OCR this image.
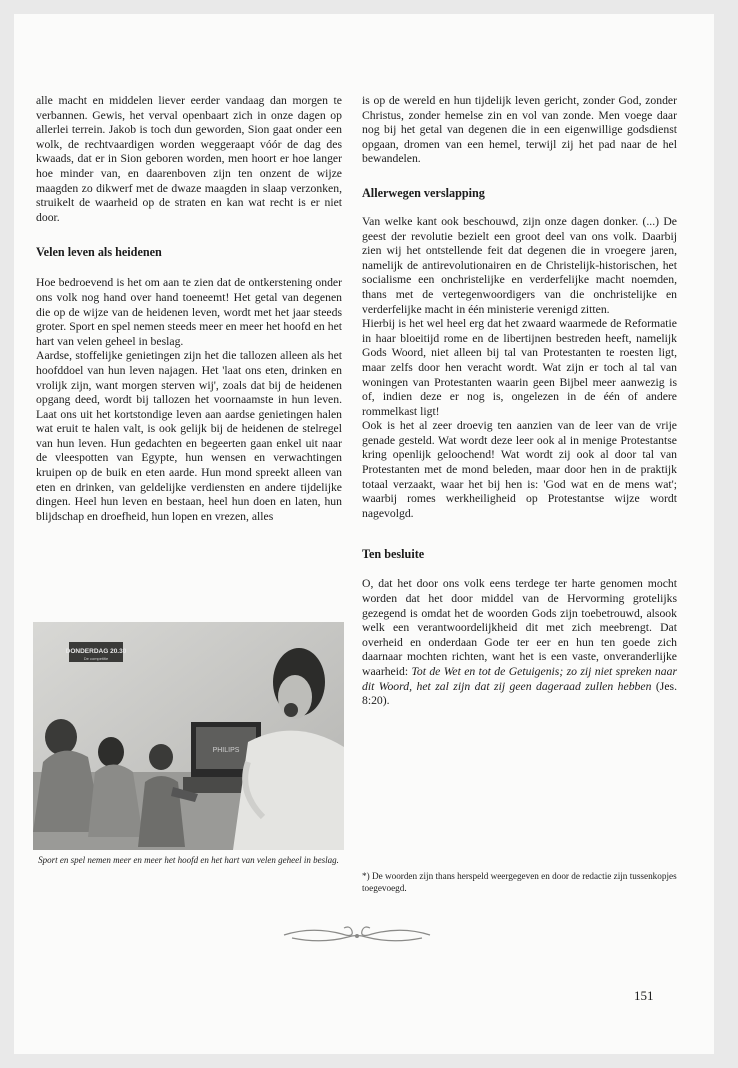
alle macht en middelen liever eerder vandaag dan morgen te verbannen. Gewis, het verval openbaart zich in onze dagen op allerlei terrein. Jakob is toch dun geworden, Sion gaat onder een wolk, de rechtvaardigen worden weggeraapt vóór de dag des kwaads, dat er in Sion geboren worden, men hoort er hoe langer hoe minder van, en daarenboven zijn ten onzent de wijze maagden zo dikwerf met de dwaze maagden in slaap verzonken, struikelt de waarheid op de straten en kan wat recht is er niet door.

Velen leven als heidenen

Hoe bedroevend is het om aan te zien dat de ontkerstening onder ons volk nog hand over hand toeneemt! Het getal van degenen die op de wijze van de heidenen leven, wordt met het jaar steeds groter. Sport en spel nemen steeds meer en meer het hoofd en het hart van velen geheel in beslag.

Aardse, stoffelijke genietingen zijn het die tallozen alleen als het hoofddoel van hun leven najagen. Het 'laat ons eten, drinken en vrolijk zijn, want morgen sterven wij', zoals dat bij de heidenen opgang deed, wordt bij tallozen het voornaamste in hun leven. Laat ons uit het kortstondige leven aan aardse genietingen halen wat eruit te halen valt, is ook gelijk bij de heidenen de stelregel van hun leven. Hun gedachten en begeerten gaan enkel uit naar de vleespotten van Egypte, hun wensen en verwachtingen kruipen op de buik en eten aarde. Hun mond spreekt alleen van eten en drinken, van geldelijke verdiensten en andere tijdelijke dingen. Heel hun leven en bestaan, heel hun doen en laten, hun blijdschap en droefheid, hun lopen en vrezen, alles

DONDERDAG 20.30
De competitie
PHILIPS
Sport en spel nemen meer en meer het hoofd en het hart van velen geheel in beslag.

is op de wereld en hun tijdelijk leven gericht, zonder God, zonder Christus, zonder hemelse zin en vol van zonde. Men voege daar nog bij het getal van degenen die in een eigenwillige godsdienst opgaan, dromen van een hemel, terwijl zij het pad naar de hel bewandelen.

Allerwegen verslapping

Van welke kant ook beschouwd, zijn onze dagen donker. (...) De geest der revolutie bezielt een groot deel van ons volk. Daarbij zien wij het ontstellende feit dat degenen die in vroegere jaren, namelijk de antirevolutionairen en de Christelijk-historischen, het socialisme een onchristelijke en verderfelijke macht noemden, thans met de vertegenwoordigers van die onchristelijke en verderfelijke macht in één ministerie verenigd zitten.

Hierbij is het wel heel erg dat het zwaard waarmede de Reformatie in haar bloeitijd rome en de libertijnen bestreden heeft, namelijk Gods Woord, niet alleen bij tal van Protestanten te roesten ligt, maar zelfs door hen veracht wordt. Wat zijn er toch al tal van woningen van Protestanten waarin geen Bijbel meer aanwezig is of, indien deze er nog is, ongelezen in de één of andere rommelkast ligt!

Ook is het al zeer droevig ten aanzien van de leer van de vrije genade gesteld. Wat wordt deze leer ook al in menige Protestantse kring openlijk geloochend! Wat wordt zij ook al door tal van Protestanten met de mond beleden, maar door hen in de praktijk totaal verzaakt, waar het bij hen is: 'God wat en de mens wat'; waarbij romes werkheiligheid op Protestantse wijze wordt nagevolgd.

Ten besluite

O, dat het door ons volk eens terdege ter harte genomen mocht worden dat het door middel van de Hervorming grotelijks gezegend is omdat het de woorden Gods zijn toebetrouwd, alsook welk een verantwoordelijkheid dit met zich meebrengt. Dat overheid en onderdaan Gode ter eer en hun ten goede zich daarnaar mochten richten, want het is een vaste, onveranderlijke waarheid: Tot de Wet en tot de Getuigenis; zo zij niet spreken naar dit Woord, het zal zijn dat zij geen dageraad zullen hebben (Jes. 8:20).

*) De woorden zijn thans herspeld weergegeven en door de redactie zijn tussenkopjes toegevoegd.
151
